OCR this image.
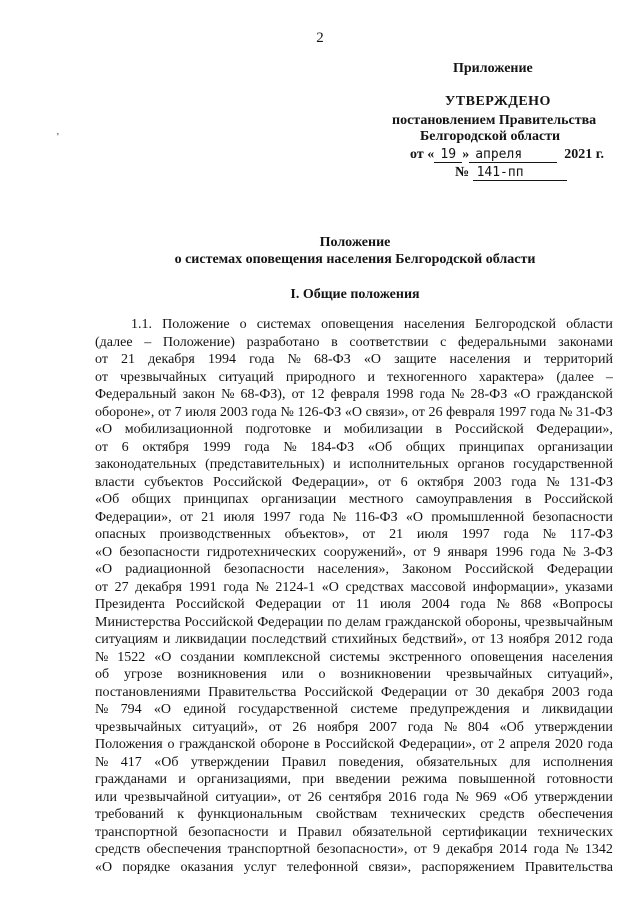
2
Приложение
УТВЕРЖДЕНО
постановлением Правительства
Белгородской области
от « 19 » апреля	2021 г.
№ 141-пп
'
Положение
о системах оповещения населения Белгородской области
I. Общие положения
1.1. Положение о системах оповещения населения Белгородской области
(далее – Положение) разработано в соответствии с федеральными законами
от 21 декабря 1994 года № 68-ФЗ «О защите населения и территорий
от чрезвычайных ситуаций природного и техногенного характера» (далее –
Федеральный закон № 68-ФЗ), от 12 февраля 1998 года № 28-ФЗ «О гражданской
обороне», от 7 июля 2003 года № 126-ФЗ «О связи», от 26 февраля 1997 года № 31-ФЗ
«О мобилизационной подготовке и мобилизации в Российской Федерации»,
от 6 октября 1999 года № 184-ФЗ «Об общих принципах организации
законодательных (представительных) и исполнительных органов государственной
власти субъектов Российской Федерации», от 6 октября 2003 года № 131-ФЗ
«Об общих принципах организации местного самоуправления в Российской
Федерации», от 21 июля 1997 года № 116-ФЗ «О промышленной безопасности
опасных производственных объектов», от 21 июля 1997 года № 117-ФЗ
«О безопасности гидротехнических сооружений», от 9 января 1996 года № 3-ФЗ
«О радиационной безопасности населения», Законом Российской Федерации
от 27 декабря 1991 года № 2124-1 «О средствах массовой информации», указами
Президента Российской Федерации от 11 июля 2004 года № 868 «Вопросы
Министерства Российской Федерации по делам гражданской обороны, чрезвычайным
ситуациям и ликвидации последствий стихийных бедствий», от 13 ноября 2012 года
№ 1522 «О создании комплексной системы экстренного оповещения населения
об угрозе возникновения или о возникновении чрезвычайных ситуаций»,
постановлениями Правительства Российской Федерации от 30 декабря 2003 года
№ 794 «О единой государственной системе предупреждения и ликвидации
чрезвычайных ситуаций», от 26 ноября 2007 года № 804 «Об утверждении
Положения о гражданской обороне в Российской Федерации», от 2 апреля 2020 года
№ 417 «Об утверждении Правил поведения, обязательных для исполнения
гражданами и организациями, при введении режима повышенной готовности
или чрезвычайной ситуации», от 26 сентября 2016 года № 969 «Об утверждении
требований к функциональным свойствам технических средств обеспечения
транспортной безопасности и Правил обязательной сертификации технических
средств обеспечения транспортной безопасности», от 9 декабря 2014 года № 1342
«О порядке оказания услуг телефонной связи», распоряжением Правительства
